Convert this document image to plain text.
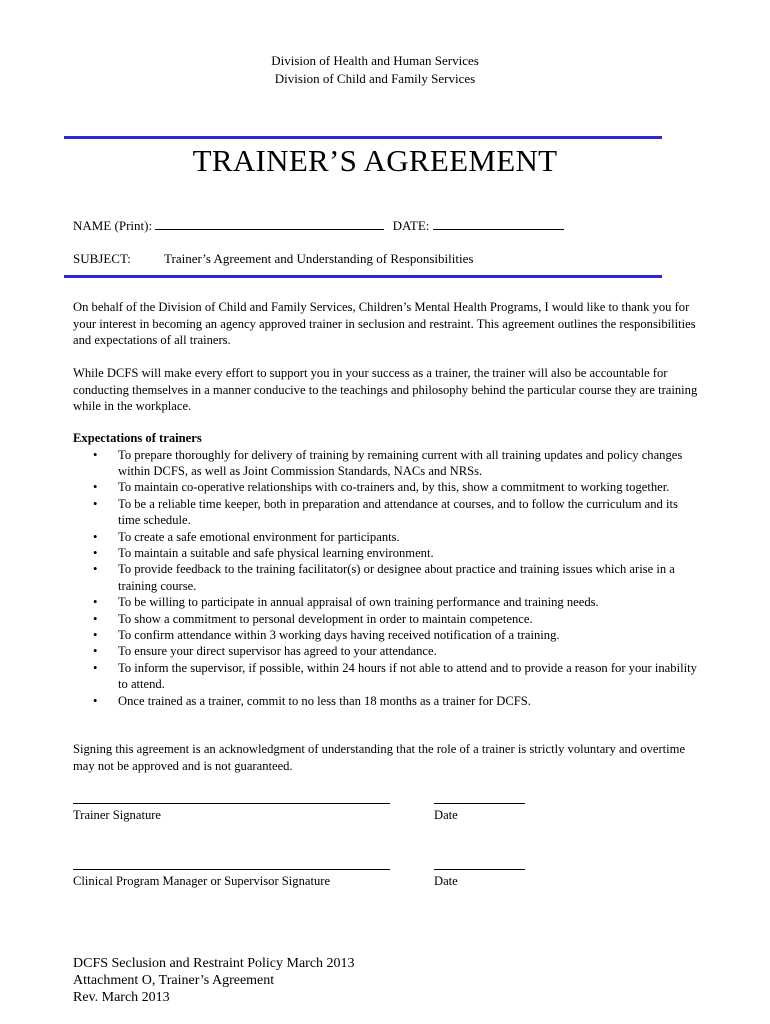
Division of Health and Human Services
Division of Child and Family Services
TRAINER’S AGREEMENT
NAME (Print):	DATE:
SUBJECT:	Trainer’s Agreement and Understanding of Responsibilities
On behalf of the Division of Child and Family Services, Children’s Mental Health Programs, I would like to thank you for your interest in becoming an agency approved trainer in seclusion and restraint. This agreement outlines the responsibilities and expectations of all trainers.
While DCFS will make every effort to support you in your success as a trainer, the trainer will also be accountable for conducting themselves in a manner conducive to the teachings and philosophy behind the particular course they are training while in the workplace.
Expectations of trainers
• To prepare thoroughly for delivery of training by remaining current with all training updates and policy changes within DCFS, as well as Joint Commission Standards, NACs and NRSs.
• To maintain co-operative relationships with co-trainers and, by this, show a commitment to working together.
• To be a reliable time keeper, both in preparation and attendance at courses, and to follow the curriculum and its time schedule.
• To create a safe emotional environment for participants.
• To maintain a suitable and safe physical learning environment.
• To provide feedback to the training facilitator(s) or designee about practice and training issues which arise in a training course.
• To be willing to participate in annual appraisal of own training performance and training needs.
• To show a commitment to personal development in order to maintain competence.
• To confirm attendance within 3 working days having received notification of a training.
• To ensure your direct supervisor has agreed to your attendance.
• To inform the supervisor, if possible, within 24 hours if not able to attend and to provide a reason for your inability to attend.
• Once trained as a trainer, commit to no less than 18 months as a trainer for DCFS.
Signing this agreement is an acknowledgment of understanding that the role of a trainer is strictly voluntary and overtime may not be approved and is not guaranteed.
Trainer Signature	Date
Clinical Program Manager or Supervisor Signature	Date
DCFS Seclusion and Restraint Policy March 2013
Attachment O, Trainer’s Agreement
Rev. March 2013
